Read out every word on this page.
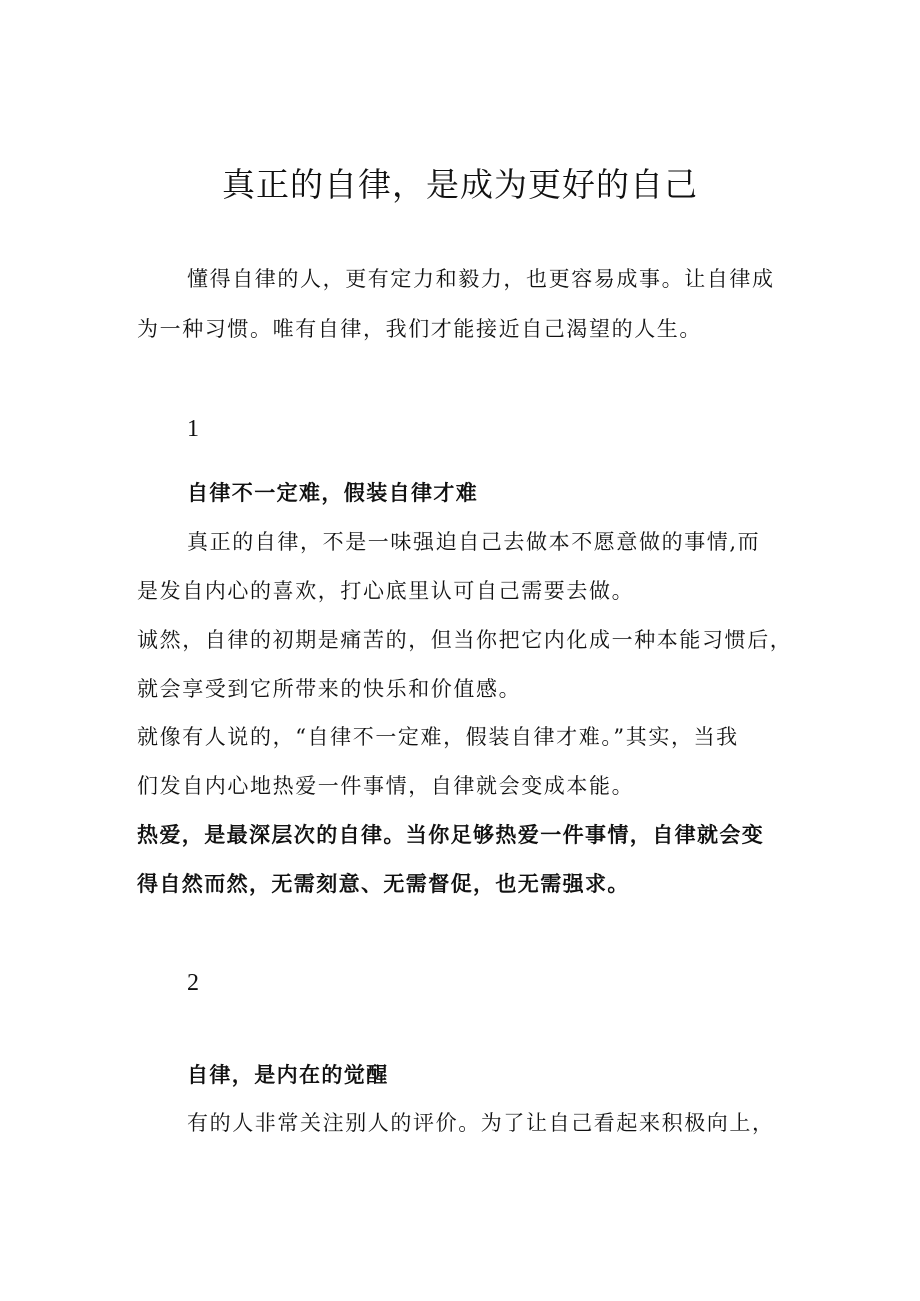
真正的自律，是成为更好的自己
懂得自律的人，更有定力和毅力，也更容易成事。让自律成
为一种习惯。唯有自律，我们才能接近自己渴望的人生。
1
自律不一定难，假装自律才难
真正的自律，不是一味强迫自己去做本不愿意做的事情,而
是发自内心的喜欢，打心底里认可自己需要去做。
诚然，自律的初期是痛苦的，但当你把它内化成一种本能习惯后，
就会享受到它所带来的快乐和价值感。
就像有人说的，“自律不一定难，假装自律才难。”其实，当我
们发自内心地热爱一件事情，自律就会变成本能。
热爱，是最深层次的自律。当你足够热爱一件事情，自律就会变
得自然而然，无需刻意、无需督促，也无需强求。
2
自律，是内在的觉醒
有的人非常关注别人的评价。为了让自己看起来积极向上，
